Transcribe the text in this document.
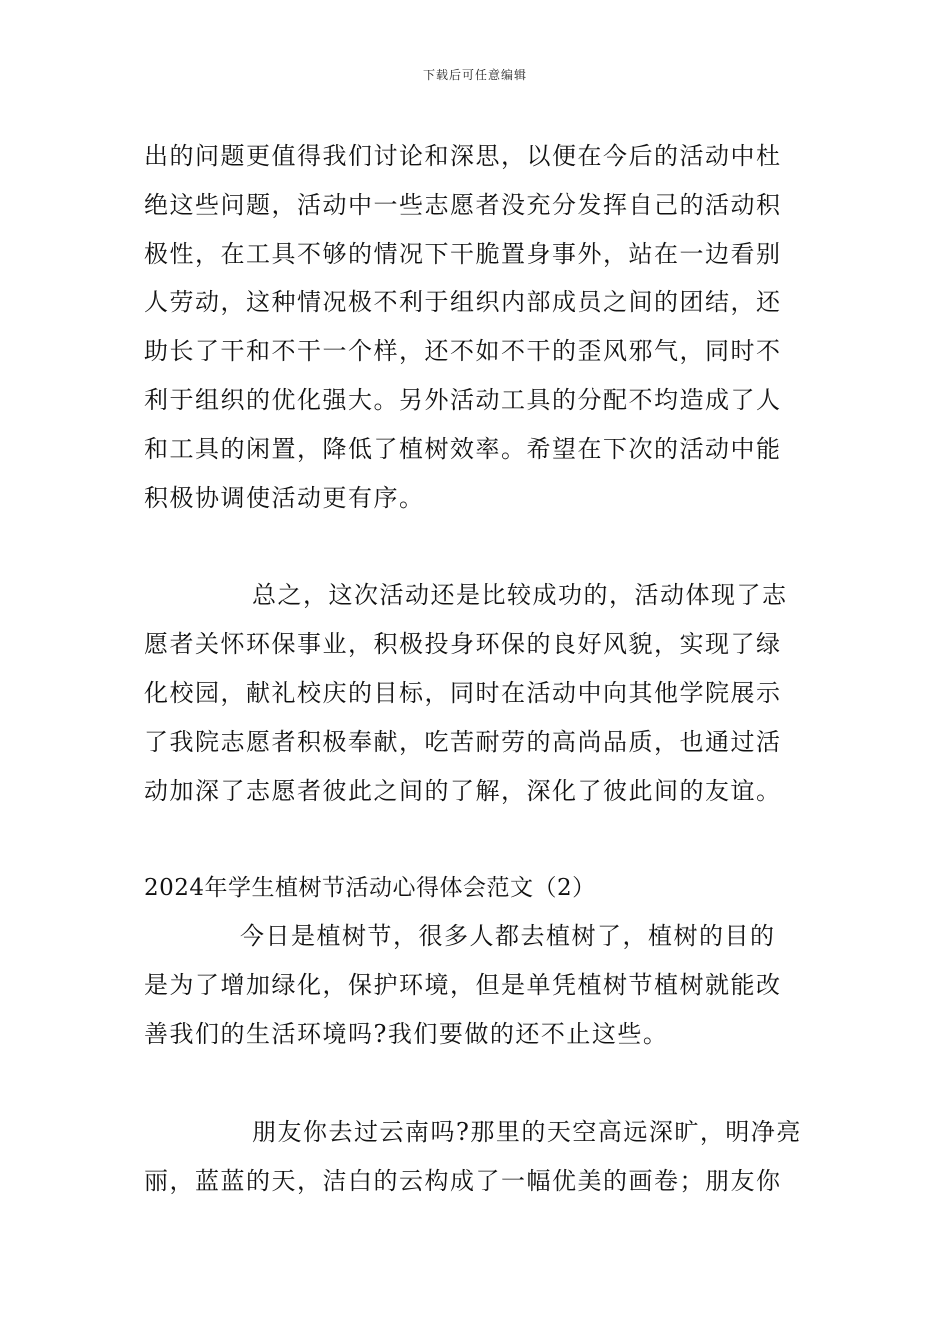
下载后可任意编辑
出的问题更值得我们讨论和深思，以便在今后的活动中杜
绝这些问题，活动中一些志愿者没充分发挥自己的活动积
极性，在工具不够的情况下干脆置身事外，站在一边看别
人劳动，这种情况极不利于组织内部成员之间的团结，还
助长了干和不干一个样，还不如不干的歪风邪气，同时不
利于组织的优化强大。另外活动工具的分配不均造成了人
和工具的闲置，降低了植树效率。希望在下次的活动中能
积极协调使活动更有序。
总之，这次活动还是比较成功的，活动体现了志
愿者关怀环保事业，积极投身环保的良好风貌，实现了绿
化校园，献礼校庆的目标，同时在活动中向其他学院展示
了我院志愿者积极奉献，吃苦耐劳的高尚品质，也通过活
动加深了志愿者彼此之间的了解，深化了彼此间的友谊。
2024年学生植树节活动心得体会范文（2）
今日是植树节，很多人都去植树了，植树的目的
是为了增加绿化，保护环境，但是单凭植树节植树就能改
善我们的生活环境吗?我们要做的还不止这些。
朋友你去过云南吗?那里的天空高远深旷，明净亮
丽，蓝蓝的天，洁白的云构成了一幅优美的画卷；朋友你
